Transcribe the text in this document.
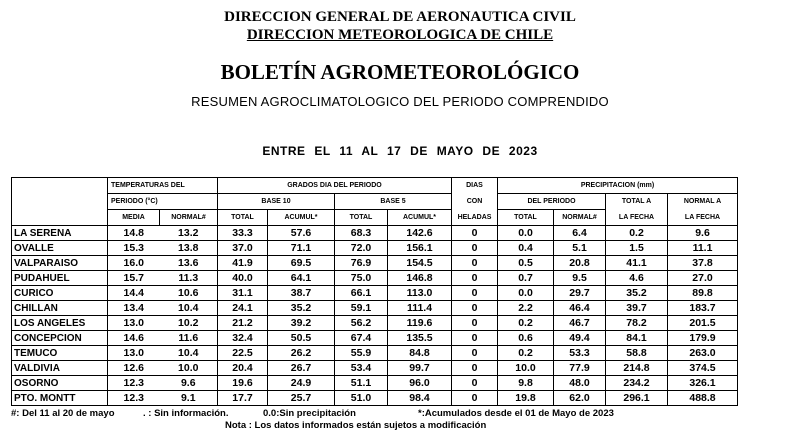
DIRECCION GENERAL DE AERONAUTICA CIVIL
DIRECCION METEOROLOGICA DE CHILE
BOLETÍN AGROMETEOROLÓGICO
RESUMEN AGROCLIMATOLOGICO DEL PERIODO COMPRENDIDO
ENTRE EL 11 AL 17 DE MAYO DE 2023
	TEMPERATURAS DEL		GRADOS DIA DEL PERIODO				DIAS	PRECIPITACION (mm)			
	PERIODO (°C)		BASE 10		BASE 5		CON	DEL PERIODO		TOTAL A	NORMAL A
	MEDIA	NORMAL#	TOTAL	ACUMUL*	TOTAL	ACUMUL*	HELADAS	TOTAL	NORMAL#	LA FECHA	LA FECHA
LA SERENA	14.8	13.2	33.3	57.6	68.3	142.6	0	0.0	6.4	0.2	9.6
OVALLE	15.3	13.8	37.0	71.1	72.0	156.1	0	0.4	5.1	1.5	11.1
VALPARAISO	16.0	13.6	41.9	69.5	76.9	154.5	0	0.5	20.8	41.1	37.8
PUDAHUEL	15.7	11.3	40.0	64.1	75.0	146.8	0	0.7	9.5	4.6	27.0
CURICO	14.4	10.6	31.1	38.7	66.1	113.0	0	0.0	29.7	35.2	89.8
CHILLAN	13.4	10.4	24.1	35.2	59.1	111.4	0	2.2	46.4	39.7	183.7
LOS ANGELES	13.0	10.2	21.2	39.2	56.2	119.6	0	0.2	46.7	78.2	201.5
CONCEPCION	14.6	11.6	32.4	50.5	67.4	135.5	0	0.6	49.4	84.1	179.9
TEMUCO	13.0	10.4	22.5	26.2	55.9	84.8	0	0.2	53.3	58.8	263.0
VALDIVIA	12.6	10.0	20.4	26.7	53.4	99.7	0	10.0	77.9	214.8	374.5
OSORNO	12.3	9.6	19.6	24.9	51.1	96.0	0	9.8	48.0	234.2	326.1
PTO. MONTT	12.3	9.1	17.7	25.7	51.0	98.4	0	19.8	62.0	296.1	488.8
#: Del 11 al 20 de mayo	. : Sin información.	0.0:Sin precipitación	*:Acumulados desde el 01 de Mayo de 2023
Nota : Los datos informados están sujetos a modificación
